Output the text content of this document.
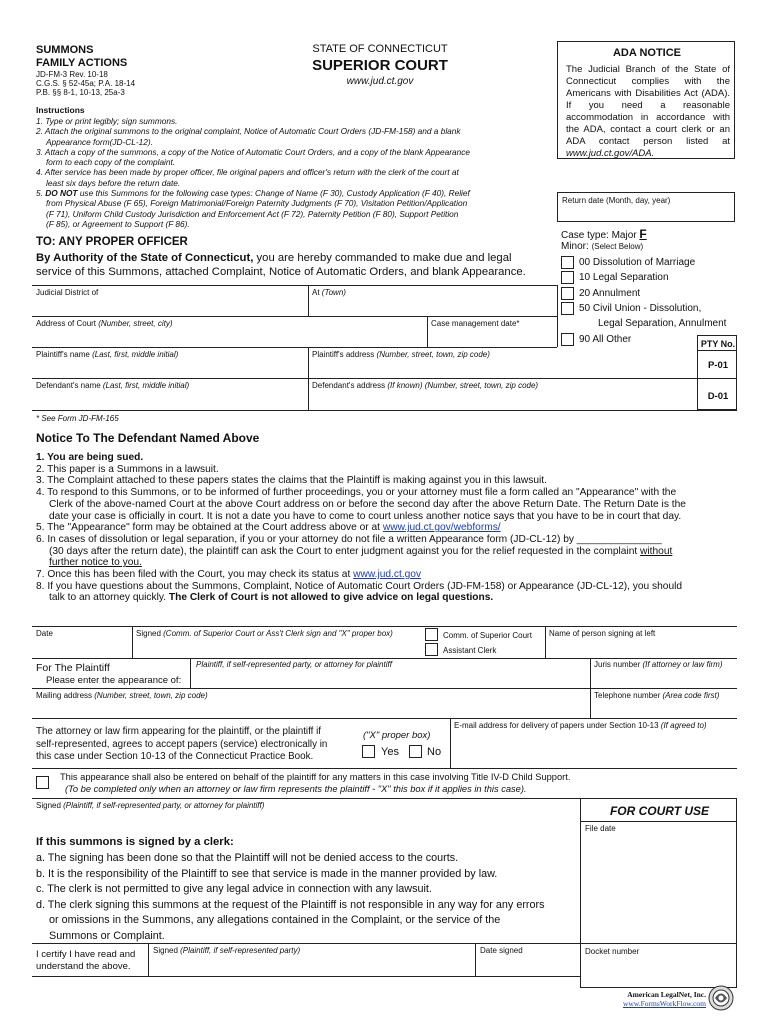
SUMMONS
FAMILY ACTIONS
JD-FM-3 Rev. 10-18
C.G.S. § 52-45a; P.A. 18-14
P.B. §§ 8-1, 10-13, 25a-3
STATE OF CONNECTICUT
SUPERIOR COURT
www.jud.ct.gov
ADA NOTICE
The Judicial Branch of the State of Connecticut complies with the Americans with Disabilities Act (ADA). If you need a reasonable accommodation in accordance with the ADA, contact a court clerk or an ADA contact person listed at www.jud.ct.gov/ADA.
Instructions
1. Type or print legibly; sign summons.
2. Attach the original summons to the original complaint, Notice of Automatic Court Orders (JD-FM-158) and a blank
Appearance form(JD-CL-12).
3. Attach a copy of the summons, a copy of the Notice of Automatic Court Orders, and a copy of the blank Appearance
form to each copy of the complaint.
4. After service has been made by proper officer, file original papers and officer's return with the clerk of the court at
least six days before the return date.
5. DO NOT use this Summons for the following case types: Change of Name (F 30), Custody Application (F 40), Relief
from Physical Abuse (F 65), Foreign Matrimonial/Foreign Paternity Judgments (F 70), Visitation Petition/Application
(F 71), Uniform Child Custody Jurisdiction and Enforcement Act (F 72), Paternity Petition (F 80), Support Petition
(F 85), or Agreement to Support (F 86).
Return date (Month, day, year)
Case type: Major F
Minor: (Select Below)
00 Dissolution of Marriage
10 Legal Separation
20 Annulment
50 Civil Union - Dissolution,
Legal Separation, Annulment
90 All Other
TO: ANY PROPER OFFICER
By Authority of the State of Connecticut, you are hereby commanded to make due and legal
service of this Summons, attached Complaint, Notice of Automatic Orders, and blank Appearance.
Judicial District of	At (Town)
Address of Court (Number, street, city)	Case management date*
Plaintiff's name (Last, first, middle initial)	Plaintiff's address (Number, street, town, zip code)
Defendant's name (Last, first, middle initial)	Defendant's address (If known) (Number, street, town, zip code)
PTY No.
P-01
D-01
* See Form JD-FM-165
Notice To The Defendant Named Above
1. You are being sued.
2. This paper is a Summons in a lawsuit.
3. The Complaint attached to these papers states the claims that the Plaintiff is making against you in this lawsuit.
4. To respond to this Summons, or to be informed of further proceedings, you or your attorney must file a form called an "Appearance" with the
Clerk of the above-named Court at the above Court address on or before the second day after the above Return Date. The Return Date is the
date your case is officially in court. It is not a date you have to come to court unless another notice says that you have to be in court that day.
5. The "Appearance" form may be obtained at the Court address above or at www.jud.ct.gov/webforms/
6. In cases of dissolution or legal separation, if you or your attorney do not file a written Appearance form (JD-CL-12) by _______________
(30 days after the return date), the plaintiff can ask the Court to enter judgment against you for the relief requested in the complaint without
further notice to you.
7. Once this has been filed with the Court, you may check its status at www.jud.ct.gov
8. If you have questions about the Summons, Complaint, Notice of Automatic Court Orders (JD-FM-158) or Appearance (JD-CL-12), you should
talk to an attorney quickly. The Clerk of Court is not allowed to give advice on legal questions.
Date	Signed (Comm. of Superior Court or Ass't Clerk sign and "X" proper box)	Comm. of Superior Court
Assistant Clerk
Name of person signing at left
For The Plaintiff
Please enter the appearance of:
Plaintiff, if self-represented party, or attorney for plaintiff	Juris number (If attorney or law firm)
Mailing address (Number, street, town, zip code)	Telephone number (Area code first)
The attorney or law firm appearing for the plaintiff, or the plaintiff if
self-represented, agrees to accept papers (service) electronically in
this case under Section 10-13 of the Connecticut Practice Book.
("X" proper box)
Yes	No
E-mail address for delivery of papers under Section 10-13 (If agreed to)
This appearance shall also be entered on behalf of the plaintiff for any matters in this case involving Title IV-D Child Support.
(To be completed only when an attorney or law firm represents the plaintiff - "X" this box if it applies in this case).
Signed (Plaintiff, if self-represented party, or attorney for plaintiff)	FOR COURT USE
File date
Docket number
If this summons is signed by a clerk:
a. The signing has been done so that the Plaintiff will not be denied access to the courts.
b. It is the responsibility of the Plaintiff to see that service is made in the manner provided by law.
c. The clerk is not permitted to give any legal advice in connection with any lawsuit.
d. The clerk signing this summons at the request of the Plaintiff is not responsible in any way for any errors
or omissions in the Summons, any allegations contained in the Complaint, or the service of the
Summons or Complaint.
I certify I have read and understand the above.
Signed (Plaintiff, if self-represented party)	Date signed
American LegalNet, Inc.
www.FormsWorkFlow.com
